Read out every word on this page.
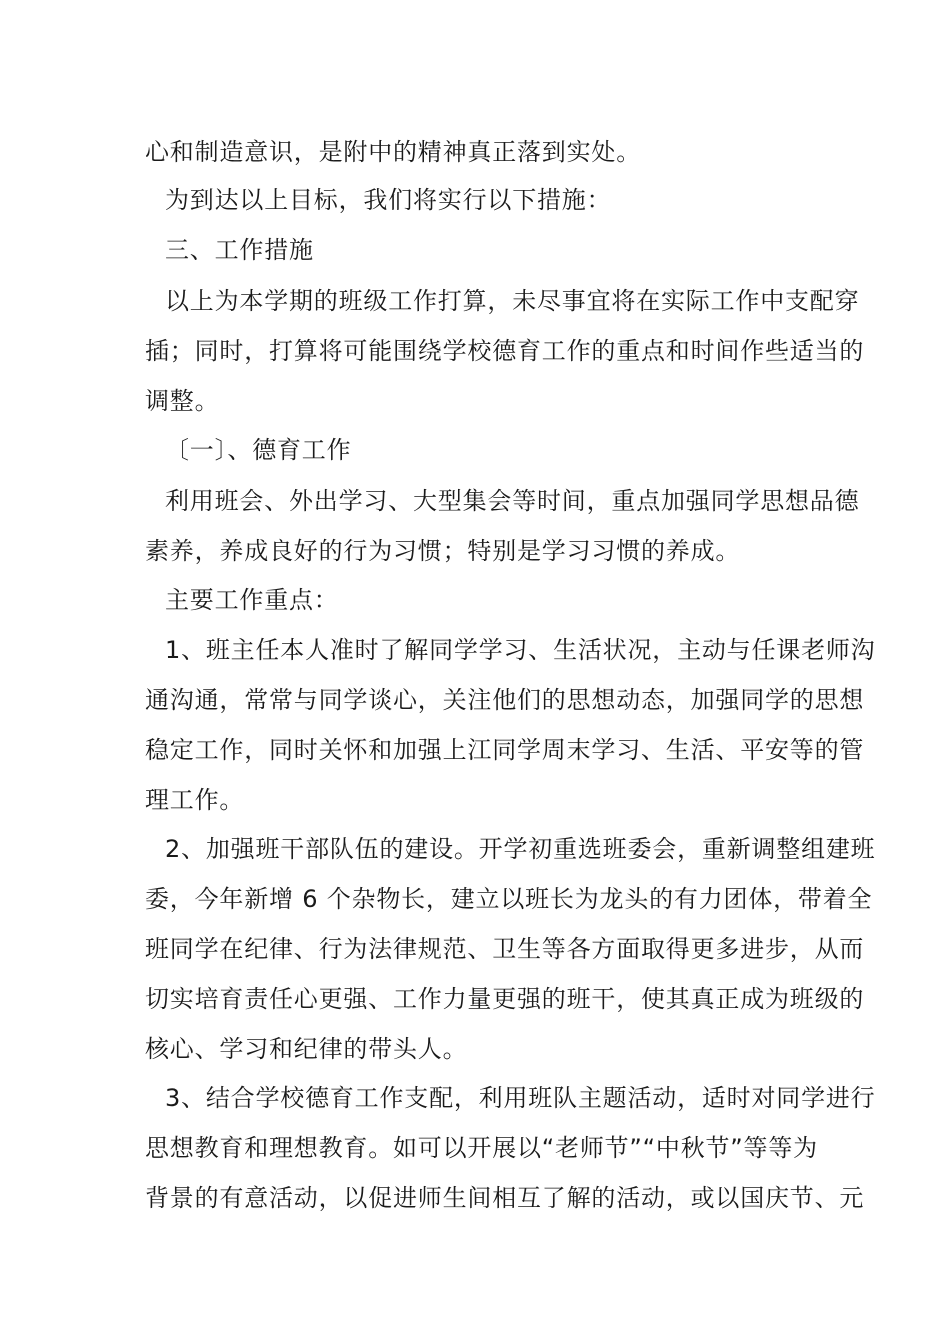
心和制造意识，是附中的精神真正落到实处。
为到达以上目标，我们将实行以下措施：
三、工作措施
以上为本学期的班级工作打算，未尽事宜将在实际工作中支配穿
插；同时，打算将可能围绕学校德育工作的重点和时间作些适当的
调整。
〔一〕、德育工作
利用班会、外出学习、大型集会等时间，重点加强同学思想品德
素养，养成良好的行为习惯；特别是学习习惯的养成。
主要工作重点：
1、班主任本人准时了解同学学习、生活状况，主动与任课老师沟
通沟通，常常与同学谈心，关注他们的思想动态，加强同学的思想
稳定工作，同时关怀和加强上江同学周末学习、生活、平安等的管
理工作。
2、加强班干部队伍的建设。开学初重选班委会，重新调整组建班
委，今年新增 6 个杂物长，建立以班长为龙头的有力团体，带着全
班同学在纪律、行为法律规范、卫生等各方面取得更多进步，从而
切实培育责任心更强、工作力量更强的班干，使其真正成为班级的
核心、学习和纪律的带头人。
3、结合学校德育工作支配，利用班队主题活动，适时对同学进行
思想教育和理想教育。如可以开展以“老师节”“中秋节”等等为
背景的有意活动，以促进师生间相互了解的活动，或以国庆节、元
